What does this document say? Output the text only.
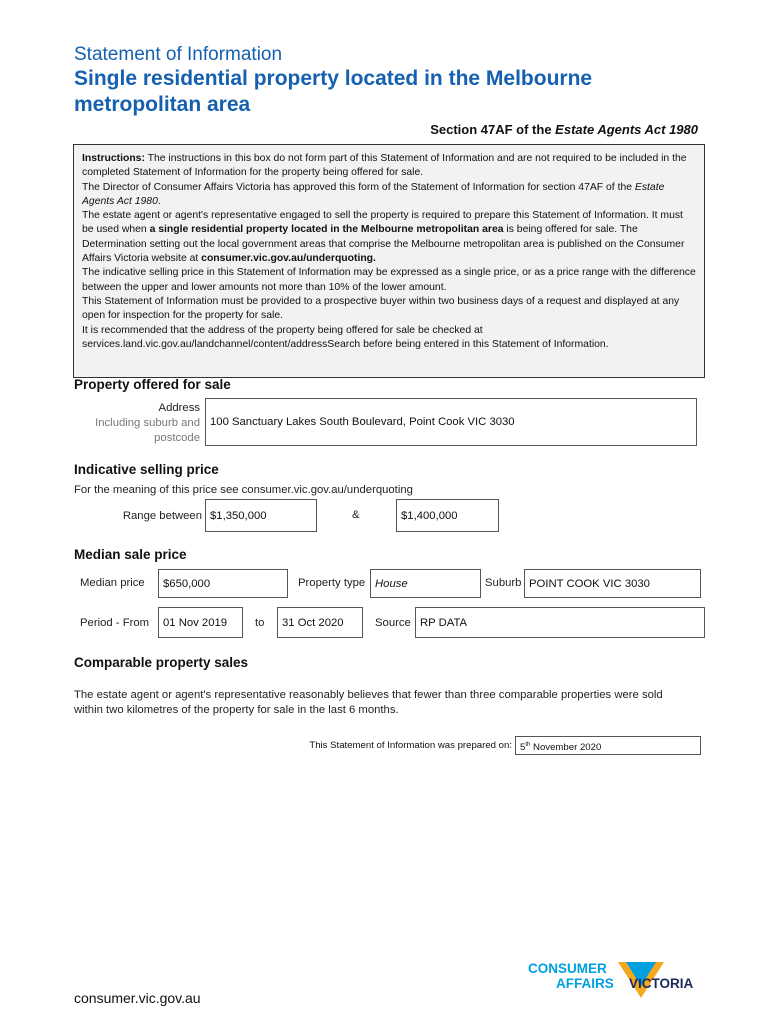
Statement of Information
Single residential property located in the Melbourne metropolitan area
Section 47AF of the Estate Agents Act 1980

Instructions: The instructions in this box do not form part of this Statement of Information and are not required to be included in the completed Statement of Information for the property being offered for sale.

The Director of Consumer Affairs Victoria has approved this form of the Statement of Information for section 47AF of the Estate Agents Act 1980.

The estate agent or agent's representative engaged to sell the property is required to prepare this Statement of Information. It must be used when a single residential property located in the Melbourne metropolitan area is being offered for sale. The Determination setting out the local government areas that comprise the Melbourne metropolitan area is published on the Consumer Affairs Victoria website at consumer.vic.gov.au/underquoting.

The indicative selling price in this Statement of Information may be expressed as a single price, or as a price range with the difference between the upper and lower amounts not more than 10% of the lower amount.

This Statement of Information must be provided to a prospective buyer within two business days of a request and displayed at any open for inspection for the property for sale.

It is recommended that the address of the property being offered for sale be checked at services.land.vic.gov.au/landchannel/content/addressSearch before being entered in this Statement of Information.

Property offered for sale
Address
Including suburb and
postcode
100 Sanctuary Lakes South Boulevard, Point Cook VIC 3030
Indicative selling price
For the meaning of this price see consumer.vic.gov.au/underquoting
Range between $1,350,000	&	$1,400,000
Median sale price
Median price	$650,000	Property type House	Suburb POINT COOK VIC 3030
Period - From	01 Nov 2019	to	31 Oct 2020	Source RP DATA
Comparable property sales
The estate agent or agent's representative reasonably believes that fewer than three comparable properties were sold within two kilometres of the property for sale in the last 6 months.
This Statement of Information was prepared on: 5th November 2020
consumer.vic.gov.au
CONSUMER
AFFAIRS VICTORIA
